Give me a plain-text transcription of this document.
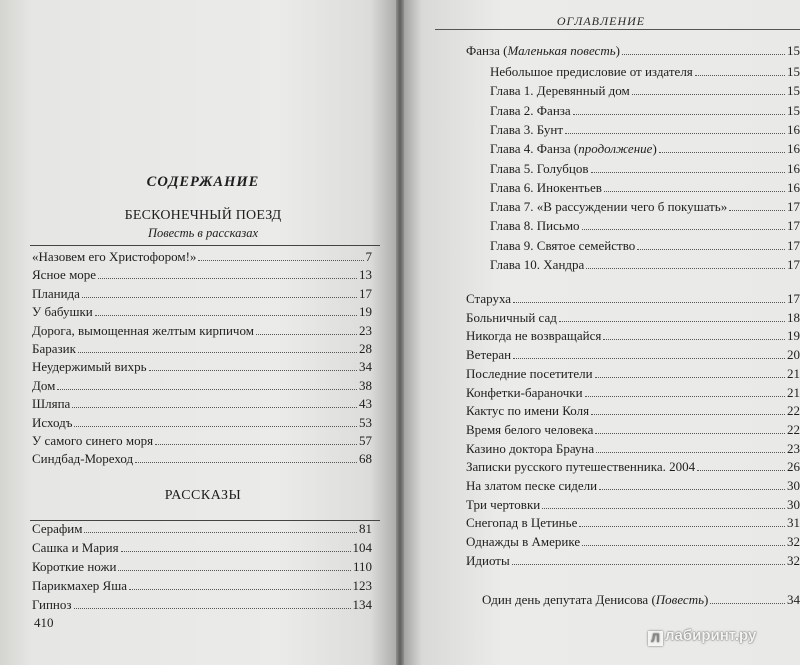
ОГЛАВЛЕНИЕ
СОДЕРЖАНИЕ
БЕСКОНЕЧНЫЙ ПОЕЗД
Повесть в рассказах
«Назовем его Христофором!»	7
Ясное море	13
Планида	17
У бабушки	19
Дорога, вымощенная желтым кирпичом	23
Баразик	28
Неудержимый вихрь	34
Дом	38
Шляпа	43
Исходъ	53
У самого синего моря	57
Синдбад-Мореход	68
РАССКАЗЫ
Серафим	81
Сашка и Мария	104
Короткие ножи	110
Парикмахер Яша	123
Гипноз	134
410
Фанза (Маленькая повесть)	15
Небольшое предисловие от издателя	15
Глава 1. Деревянный дом	15
Глава 2. Фанза	15
Глава 3. Бунт	16
Глава 4. Фанза (продолжение)	16
Глава 5. Голубцов	16
Глава 6. Инокентьев	16
Глава 7. «В рассуждении чего б покушать»	17
Глава 8. Письмо	17
Глава 9. Святое семейство	17
Глава 10. Хандра	17
Старуха	17
Больничный сад	18
Никогда не возвращайся	19
Ветеран	20
Последние посетители	21
Конфетки-бараночки	21
Кактус по имени Коля	22
Время белого человека	22
Казино доктора Брауна	23
Записки русского путешественника. 2004	26
На златом песке сидели	30
Три чертовки	30
Снегопад в Цетинье	31
Однажды в Америке	32
Идиоты	32
Один день депутата Денисова (Повесть)	34
Л лабиринт.ру
